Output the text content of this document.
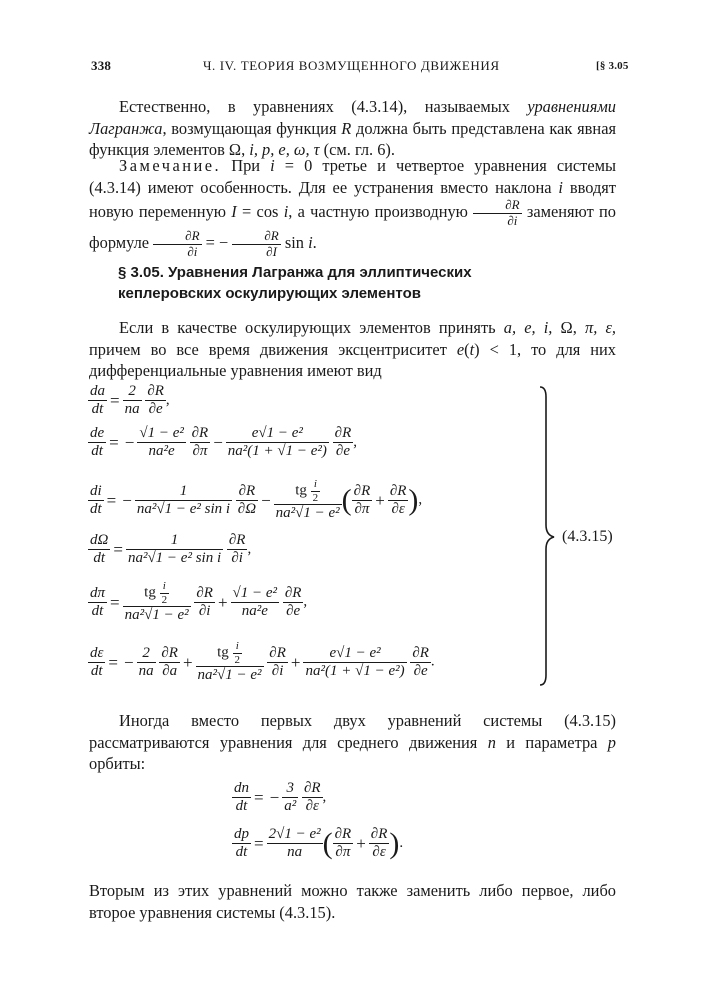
338	Ч. IV. ТЕОРИЯ ВОЗМУЩЕННОГО ДВИЖЕНИЯ	[§ 3.05
Естественно, в уравнениях (4.3.14), называемых уравнениями Лагранжа, возмущающая функция R должна быть представлена как явная функция элементов Ω, i, p, e, ω, τ (см. гл. 6).
Замечание. При i = 0 третье и четвертое уравнения системы (4.3.14) имеют особенность. Для ее устранения вместо наклона i вводят новую переменную I = cos i, а частную производную $\frac{\partial R}{\partial i}$ заменяют по формуле $\frac{\partial R}{\partial i}$ = − $\frac{\partial R}{\partial I}$ sin i.
§ 3.05. Уравнения Лагранжа для эллиптических
кеплеровских оскулирующих элементов
Если в качестве оскулирующих элементов принять a, e, i, Ω, π, ε, причем во все время движения эксцентриситет e(t) < 1, то для них дифференциальные уравнения имеют вид
$\frac{da}{dt} = \frac{2}{na}$
$\frac{\partial R}{\partial e}$ ,
$\frac{de}{dt}$ = − $\frac{\text{√1 − e²}}{\text{na²e}}$
$\frac{\partial R}{\partial\pi} - \frac{\text{e√1 − e²}}{\text{na²(1 + √1 − e²)}}$
$\frac{\partial R}{\partial e}$ ,
$\frac{di}{dt}$ = − $\frac{1}{\text{na²√1 − e² sin i}}$
$\frac{\partial R}{\partial\Omega} - \frac{tg \frac{i}{2}}{\text{na²√1 − e²}}$ ( $\frac{\partial R}{\partial\pi} + \frac{\partial R}{\partial\varepsilon}$ ),
$\frac{d\Omega}{dt} = \frac{1}{\text{na²√1 − e² sin i}}$
$\frac{\partial R}{\partial i}$ ,
$\frac{d\pi}{dt} = \frac{tg \frac{i}{2}}{\text{na²√1 − e²}}$
$\frac{\partial R}{\partial i} + \frac{\text{√1 − e²}}{\text{na²e}}$
$\frac{\partial R}{\partial e}$ ,
$\frac{d\varepsilon}{dt}$ = − $\frac{2}{na}$
$\frac{\partial R}{\partial a} + \frac{tg \frac{i}{2}}{\text{na²√1 − e²}}$
$\frac{\partial R}{\partial i} + \frac{\text{e√1 − e²}}{\text{na²(1 + √1 − e²)}}$
$\frac{\partial R}{\partial e}$ .
(4.3.15)
Иногда вместо первых двух уравнений системы (4.3.15) рассматриваются уравнения для среднего движения n и параметра p орбиты:
$\frac{dn}{dt}$ = − $\frac{3}{\text{a²}}$
$\frac{\partial R}{\partial\varepsilon}$ ,
$\frac{dp}{dt} = \frac{\text{2√1 − e²}}{na}$ ( $\frac{\partial R}{\partial\pi} + \frac{\partial R}{\partial\varepsilon}$ ).
Вторым из этих уравнений можно также заменить либо первое, либо второе уравнения системы (4.3.15).
